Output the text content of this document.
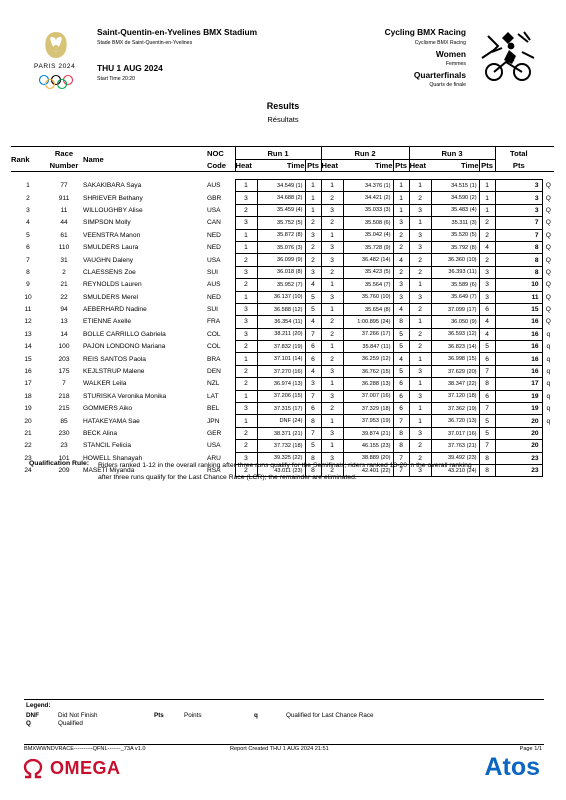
PARIS 2024
Saint-Quentin-en-Yvelines BMX Stadium
Stade BMX de Saint-Quentin-en-Yvelines
THU 1 AUG 2024
Start Time 20:20
Cycling BMX Racing
Cyclisme BMX Racing
Women
Femmes
Quarterfinals
Quarts de finale
Results
Résultats
Rank	Race	Name	NOC	Run 1			Run 2			Run 3			Total	
	Number		Code	Heat	Time	Pts	Heat	Time	Pts	Heat	Time	Pts	Pts	

1	77	SAKAKIBARA Saya	AUS	1	34.549 (1)	1	1	34.376 (1)	1	1	34.515 (1)	1	3	Q
2	911	SHRIEVER Bethany	GBR	3	34.688 (2)	1	2	34.421 (2)	1	2	34.590 (2)	1	3	Q
3	11	WILLOUGHBY Alise	USA	2	35.459 (4)	1	3	35.033 (3)	1	3	35.483 (4)	1	3	Q
4	44	SIMPSON Molly	CAN	3	35.752 (5)	2	2	35.508 (6)	3	1	35.311 (3)	2	7	Q
5	61	VEENSTRA Manon	NED	1	35.872 (8)	3	1	35.042 (4)	2	3	35.520 (5)	2	7	Q
6	110	SMULDERS Laura	NED	1	35.076 (3)	2	3	35.728 (9)	2	3	35.792 (8)	4	8	Q
7	31	VAUGHN Daleny	USA	2	36.099 (9)	2	3	36.482 (14)	4	2	36.360 (10)	2	8	Q
8	2	CLAESSENS Zoe	SUI	3	36.018 (8)	3	2	35.423 (5)	2	2	36.393 (11)	3	8	Q
9	21	REYNOLDS Lauren	AUS	2	35.952 (7)	4	1	35.564 (7)	3	1	35.589 (6)	3	10	Q
10	22	SMULDERS Merel	NED	1	36.137 (10)	5	3	35.760 (10)	3	3	35.649 (7)	3	11	Q
11	94	AEBERHARD Nadine	SUI	3	36.588 (12)	5	1	35.654 (8)	4	2	37.099 (17)	6	15	Q
12	13	ETIENNE Axelle	FRA	3	36.354 (11)	4	2	1:00.895 (24)	8	1	36.050 (9)	4	16	Q
13	14	BOLLE CARRILLO Gabriela	COL	3	38.211 (20)	7	2	37.266 (17)	5	2	36.593 (12)	4	16	q
14	100	PAJON LONDONO Mariana	COL	2	37.832 (19)	6	1	35.847 (11)	5	2	36.823 (14)	5	16	q
15	203	REIS SANTOS Paola	BRA	1	37.101 (14)	6	2	36.259 (12)	4	1	36.998 (15)	6	16	q
16	175	KEJLSTRUP Malene	DEN	2	37.270 (16)	4	3	36.762 (15)	5	3	37.629 (20)	7	16	q
17	7	WALKER Leila	NZL	2	36.974 (13)	3	1	36.288 (13)	6	1	38.347 (22)	8	17	q
18	218	STURISKA Veronika Monika	LAT	1	37.206 (15)	7	3	37.007 (16)	6	3	37.120 (18)	6	19	q
19	215	GOMMERS Aiko	BEL	3	37.315 (17)	6	2	37.329 (18)	6	1	37.362 (19)	7	19	q
20	85	HATAKEYAMA Sae	JPN	1	DNF (24)	8	1	37.953 (19)	7	1	36.720 (13)	5	20	q
21	230	BECK Alina	GER	2	38.371 (21)	7	3	39.874 (21)	8	3	37.017 (16)	5	20	
22	23	STANCIL Felicia	USA	2	37.732 (18)	5	1	46.155 (23)	8	2	37.763 (21)	7	20	
23	101	HOWELL Shanayah	ARU	3	39.325 (22)	8	3	38.889 (20)	7	2	39.492 (23)	8	23	
24	209	MASETI Miyanda	RSA	2	43.011 (23)	8	2	42.401 (22)	7	3	43.210 (24)	8	23	
Qualification Rule: Riders ranked 1-12 in the overall ranking after three runs qualify for the Semifinals; riders ranked 13-20 in the overall ranking
after three runs qualify for the Last Chance Race (LCR); the remainder are eliminated.
Legend:
DNF	Did Not Finish	Pts	Points	q	Qualified for Last Chance Race
Q	Qualified
BMXWWNDVRACE----------QFNL-------_73A v1.0	Report Created THU 1 AUG 2024 21:51	Page 1/1
OMEGA	Atos
